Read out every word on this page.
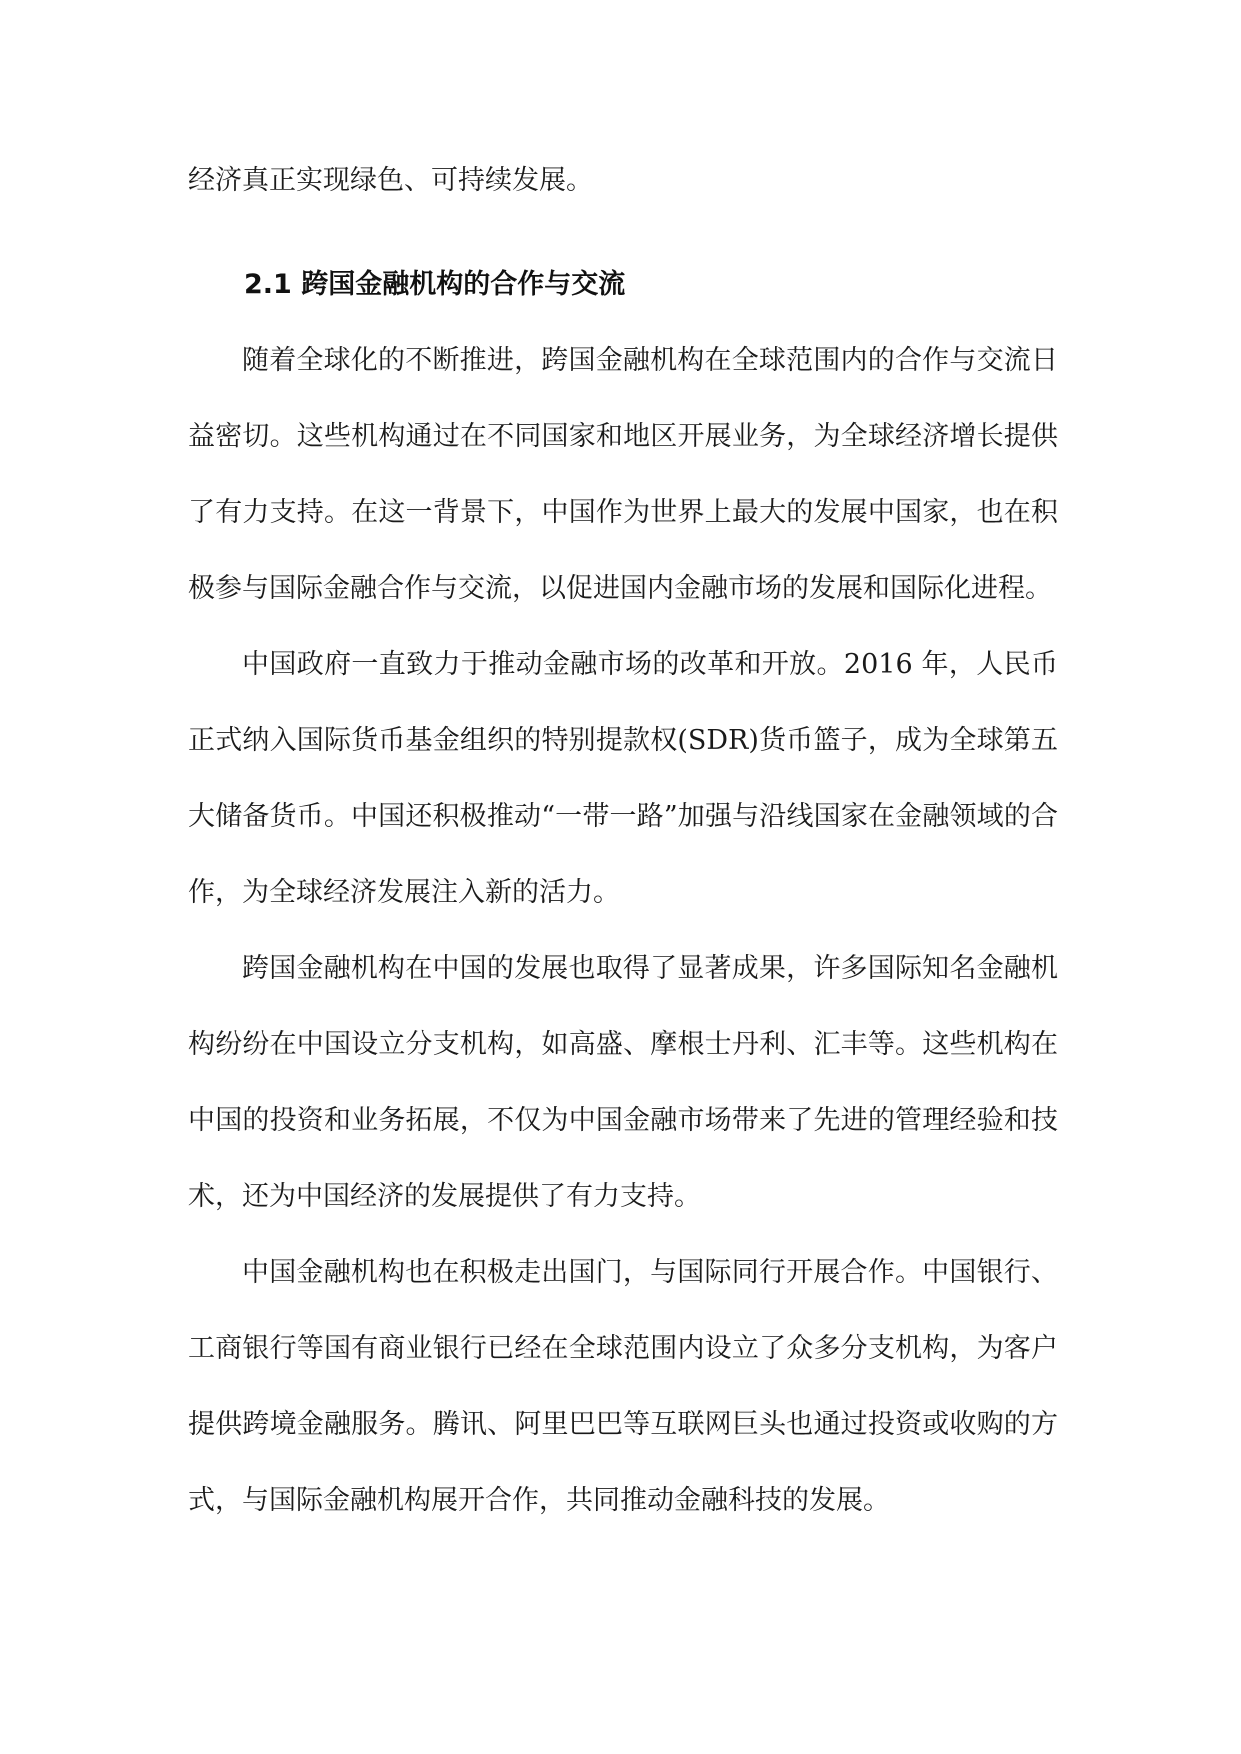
经济真正实现绿色、可持续发展。

2.1 跨国金融机构的合作与交流

随着全球化的不断推进，跨国金融机构在全球范围内的合作与交流日益密切。这些机构通过在不同国家和地区开展业务，为全球经济增长提供了有力支持。在这一背景下，中国作为世界上最大的发展中国家，也在积极参与国际金融合作与交流，以促进国内金融市场的发展和国际化进程。

中国政府一直致力于推动金融市场的改革和开放。2016 年，人民币正式纳入国际货币基金组织的特别提款权(SDR)货币篮子，成为全球第五大储备货币。中国还积极推动“一带一路”加强与沿线国家在金融领域的合作，为全球经济发展注入新的活力。

跨国金融机构在中国的发展也取得了显著成果，许多国际知名金融机构纷纷在中国设立分支机构，如高盛、摩根士丹利、汇丰等。这些机构在中国的投资和业务拓展，不仅为中国金融市场带来了先进的管理经验和技术，还为中国经济的发展提供了有力支持。

中国金融机构也在积极走出国门，与国际同行开展合作。中国银行、工商银行等国有商业银行已经在全球范围内设立了众多分支机构，为客户提供跨境金融服务。腾讯、阿里巴巴等互联网巨头也通过投资或收购的方式，与国际金融机构展开合作，共同推动金融科技的发展。
